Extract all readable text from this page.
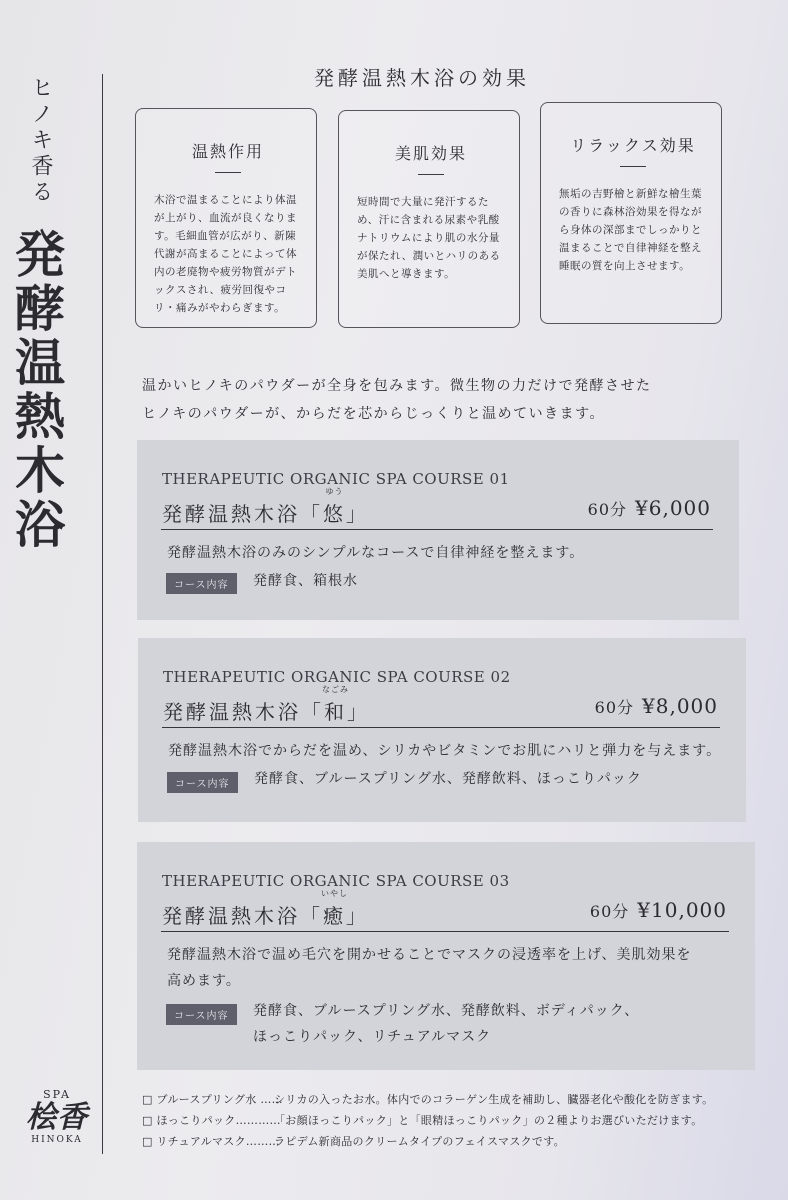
ヒノキ香る
発酵温熱木浴
SPA
桧香
HINOKA
発酵温熱木浴の効果
温熱作用

木浴で温まることにより体温が上がり、血流が良くなります。毛細血管が広がり、新陳代謝が高まることによって体内の老廃物や疲労物質がデトックスされ、疲労回復やコリ・痛みがやわらぎます。

美肌効果

短時間で大量に発汗するため、汗に含まれる尿素や乳酸ナトリウムにより肌の水分量が保たれ、潤いとハリのある美肌へと導きます。

リラックス効果

無垢の吉野檜と新鮮な檜生葉の香りに森林浴効果を得ながら身体の深部までしっかりと温まることで自律神経を整え睡眠の質を向上させます。

温かいヒノキのパウダーが全身を包みます。微生物の力だけで発酵させた
ヒノキのパウダーが、からだを芯からじっくりと温めていきます。
THERAPEUTIC ORGANIC SPA COURSE 01
発酵温熱木浴「
ゆう
悠」	60分 ¥6,000
発酵温熱木浴のみのシンプルなコースで自律神経を整えます。
コース内容	発酵食、箱根水
THERAPEUTIC ORGANIC SPA COURSE 02
発酵温熱木浴「
なごみ
和」	60分 ¥8,000
発酵温熱木浴でからだを温め、シリカやビタミンでお肌にハリと弾力を与えます。
コース内容	発酵食、ブルースプリング水、発酵飲料、ほっこりパック
THERAPEUTIC ORGANIC SPA COURSE 03
発酵温熱木浴「
いやし
癒」	60分 ¥10,000
発酵温熱木浴で温め毛穴を開かせることでマスクの浸透率を上げ、美肌効果を
高めます。
コース内容	発酵食、ブルースプリング水、発酵飲料、ボディパック、
ほっこりパック、リチュアルマスク
□ ブルースプリング水 ……
シリカの入ったお水。体内でのコラーゲン生成を補助し、臓器老化や酸化を防ぎます。
□ ほっこりパック…………
「お顔ほっこりパック」と「眼精ほっこりパック」の２種よりお選びいただけます。
□ リチュアルマスク………
ラピデム新商品のクリームタイプのフェイスマスクです。
